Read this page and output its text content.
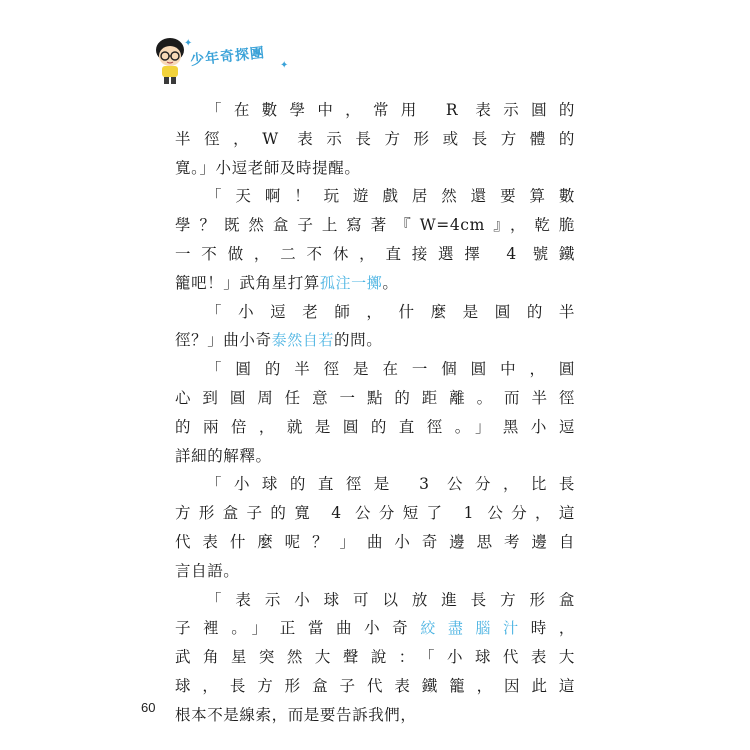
✦
少年奇探團 ✦
「在數學中，常用 R 表示圓的
半徑，W 表示長方形或長方體的
寬。」小逗老師及時提醒。
「天啊！玩遊戲居然還要算數
學？既然盒子上寫著『W=4cm』，乾脆
一不做，二不休，直接選擇 4 號鐵
籠吧！」武角星打算孤注一擲。
「小逗老師，什麼是圓的半
徑？」曲小奇泰然自若的問。
「圓的半徑是在一個圓中，圓
心到圓周任意一點的距離。而半徑
的兩倍，就是圓的直徑。」黑小逗
詳細的解釋。
「小球的直徑是 3 公分，比長
方形盒子的寬 4 公分短了 1 公分，這
代表什麼呢？」曲小奇邊思考邊自
言自語。
「表示小球可以放進長方形盒
子裡。」正當曲小奇絞盡腦汁時，
武角星突然大聲說：「小球代表大
球，長方形盒子代表鐵籠，因此這
根本不是線索，而是要告訴我們，
60
